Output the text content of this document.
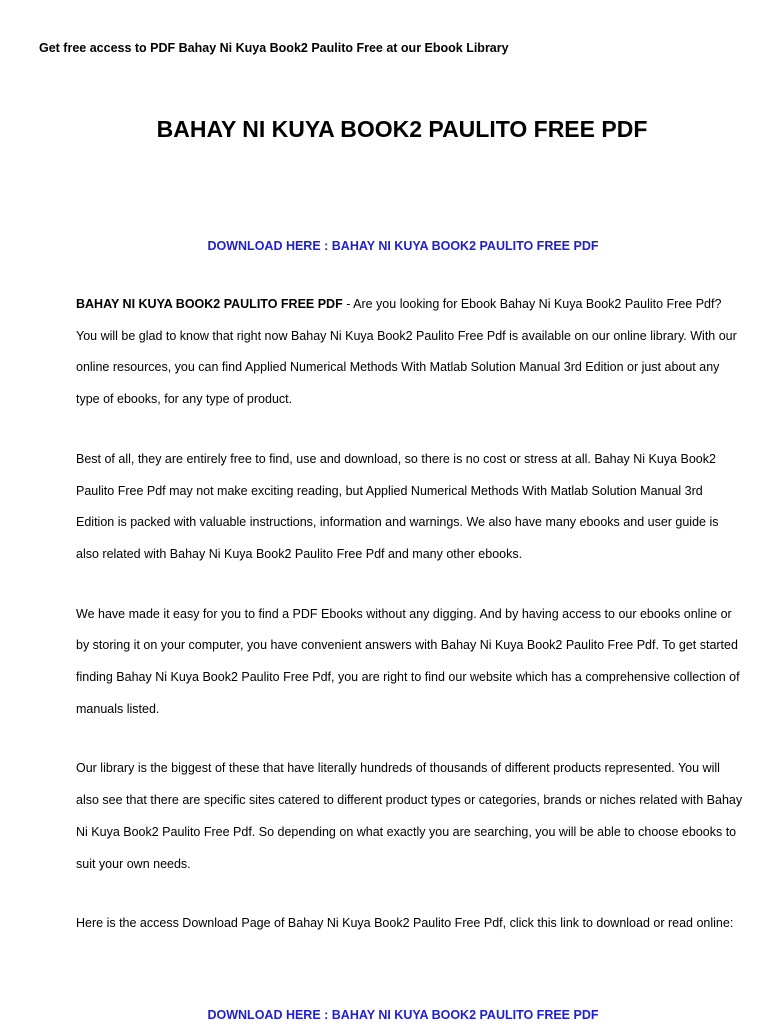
Get free access to PDF Bahay Ni Kuya Book2 Paulito Free at our Ebook Library
BAHAY NI KUYA BOOK2 PAULITO FREE PDF
DOWNLOAD HERE : BAHAY NI KUYA BOOK2 PAULITO FREE PDF

BAHAY NI KUYA BOOK2 PAULITO FREE PDF - Are you looking for Ebook Bahay Ni Kuya Book2 Paulito Free Pdf? You will be glad to know that right now Bahay Ni Kuya Book2 Paulito Free Pdf is available on our online library. With our online resources, you can find Applied Numerical Methods With Matlab Solution Manual 3rd Edition or just about any type of ebooks, for any type of product.

Best of all, they are entirely free to find, use and download, so there is no cost or stress at all. Bahay Ni Kuya Book2 Paulito Free Pdf may not make exciting reading, but Applied Numerical Methods With Matlab Solution Manual 3rd Edition is packed with valuable instructions, information and warnings. We also have many ebooks and user guide is also related with Bahay Ni Kuya Book2 Paulito Free Pdf and many other ebooks.

We have made it easy for you to find a PDF Ebooks without any digging. And by having access to our ebooks online or by storing it on your computer, you have convenient answers with Bahay Ni Kuya Book2 Paulito Free Pdf. To get started finding Bahay Ni Kuya Book2 Paulito Free Pdf, you are right to find our website which has a comprehensive collection of manuals listed.

Our library is the biggest of these that have literally hundreds of thousands of different products represented. You will also see that there are specific sites catered to different product types or categories, brands or niches related with Bahay Ni Kuya Book2 Paulito Free Pdf. So depending on what exactly you are searching, you will be able to choose ebooks to suit your own needs.

Here is the access Download Page of Bahay Ni Kuya Book2 Paulito Free Pdf, click this link to download or read online:

DOWNLOAD HERE : BAHAY NI KUYA BOOK2 PAULITO FREE PDF
